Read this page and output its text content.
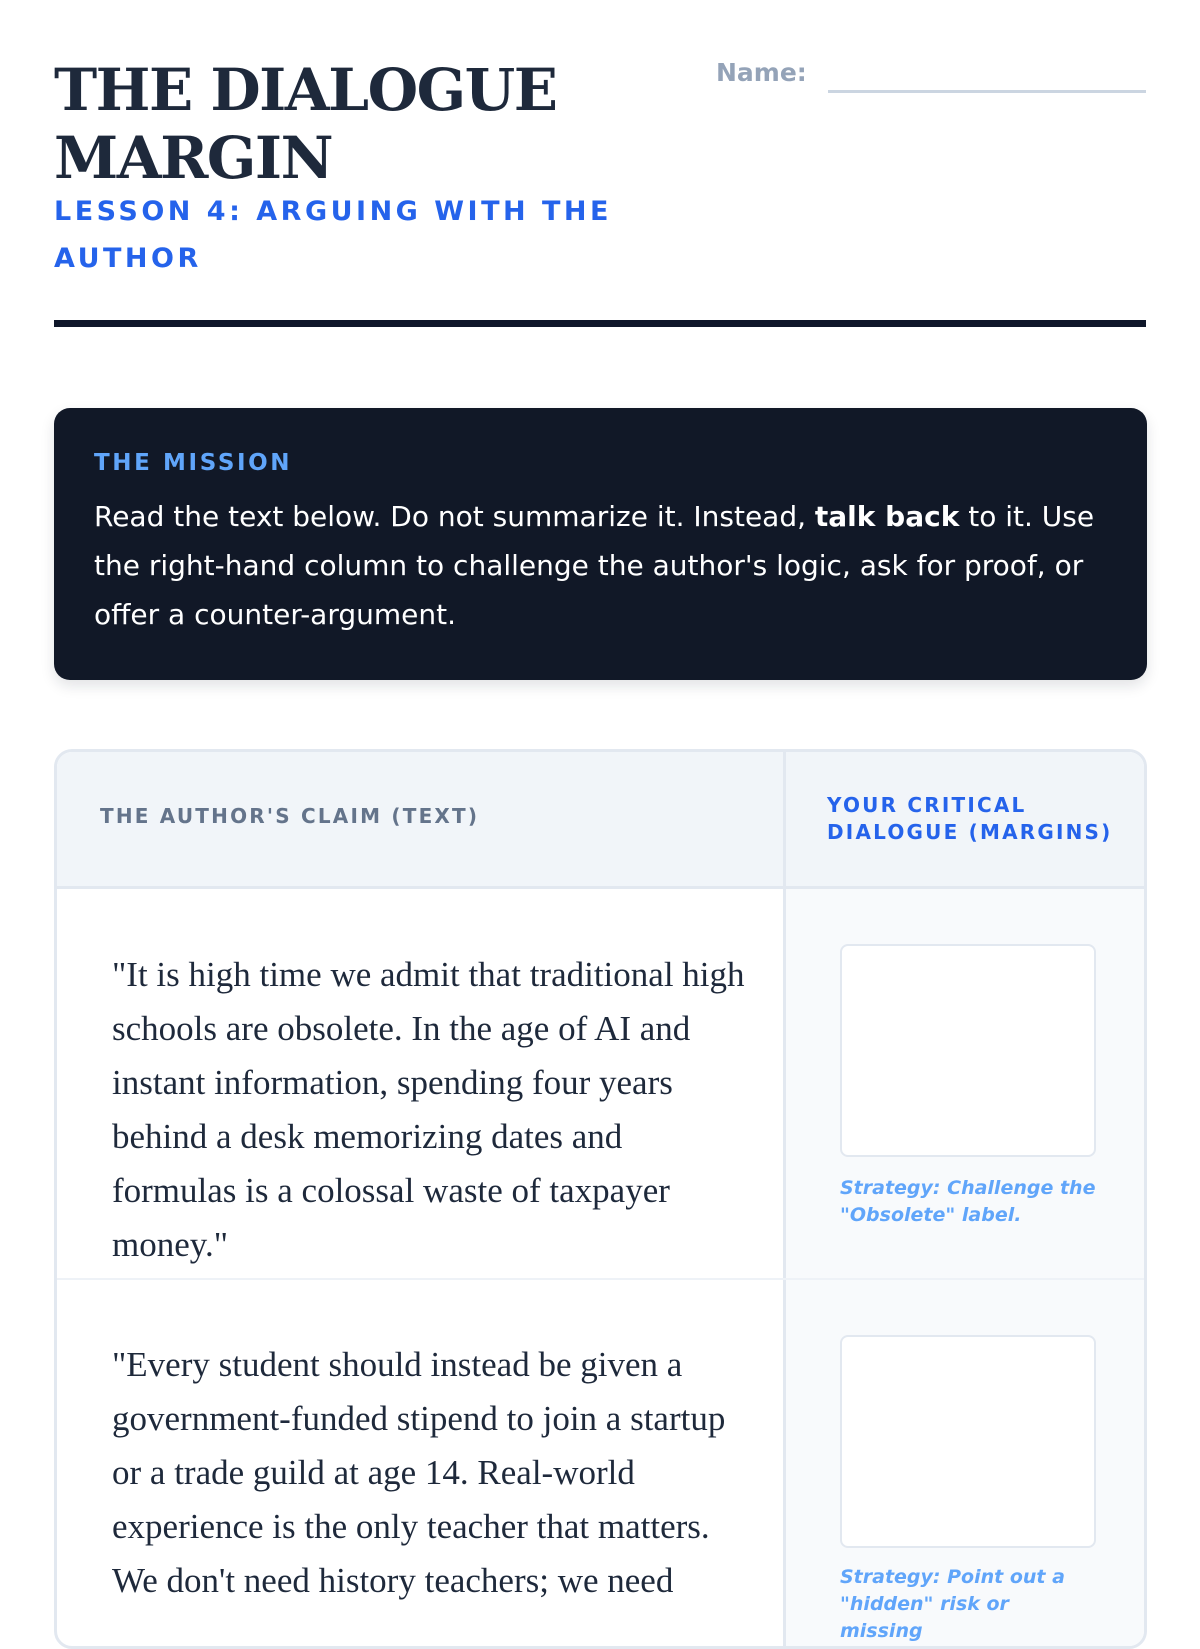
THE DIALOGUE MARGIN
LESSON 4: ARGUING WITH THE AUTHOR
Name:
THE MISSION

Read the text below. Do not summarize it. Instead, talk back to it. Use the right-hand column to challenge the author's logic, ask for proof, or offer a counter-argument.

THE AUTHOR'S CLAIM (TEXT)	YOUR CRITICAL DIALOGUE (MARGINS)

"It is high time we admit that traditional high schools are obsolete. In the age of AI and instant information, spending four years behind a desk memorizing dates and formulas is a colossal waste of taxpayer money."

Strategy: Challenge the "Obsolete" label.

"Every student should instead be given a government-funded stipend to join a startup or a trade guild at age 14. Real-world experience is the only teacher that matters. We don't need history teachers; we need	Strategy: Point out a "hidden" risk or missing
